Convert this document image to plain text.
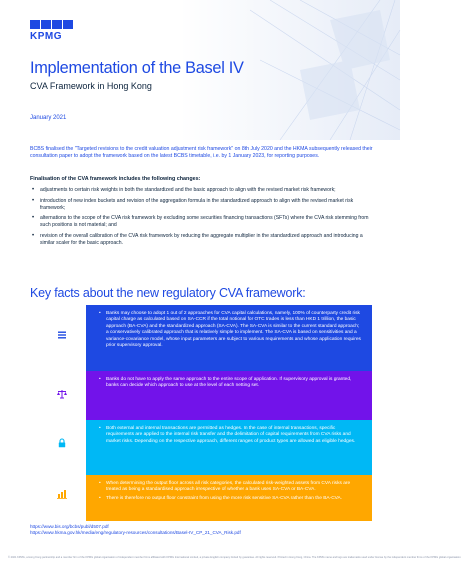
KPMG
Implementation of the Basel IV
CVA Framework in Hong Kong
January 2021

BCBS finalised the "Targeted revisions to the credit valuation adjustment risk framework" on 8th July 2020 and the HKMA subsequently released their consultation paper to adopt the framework based on the latest BCBS timetable, i.e. by 1 January 2023, for reporting purposes.

Finalisation of the CVA framework includes the following changes:
• adjustments to certain risk weights in both the standardized and the basic approach to align with the revised market risk framework;
• introduction of new index buckets and revision of the aggregation formula in the standardized approach to align with the revised market risk framework;
• alternations to the scope of the CVA risk framework by excluding some securities financing transactions (SFTs) where the CVA risk stemming from such positions is not material; and
• revision of the overall calibration of the CVA risk framework by reducing the aggregate multiplier in the standardized approach and introducing a similar scaler for the basic approach.
Key facts about the new regulatory CVA framework:
Options for Calculation
• Banks may choose to adopt 1 out of 2 approaches for CVA capital calculations, namely, 100% of counterparty credit risk capital charge as calculated based on SA-CCR if the total notional for OTC trades is less than HKD 1 trillion, the basic approach (BA-CVA) and the standardized approach (SA-CVA). The SA-CVA is similar to the current standard approach; a conservatively calibrated approach that is relatively simple to implement. The SA-CVA is based on sensitivities and a variance-covariance model, whose input parameters are subject to various requirements and whose application requires prior supervisory approval.
Scope of Application
• Banks do not have to apply the same approach to the entire scope of application. If supervisory approval is granted, banks can decide which approach to use at the level of each netting set.
CVA Hedges
• Both external and internal transactions are permitted as hedges. In the case of internal transactions, specific requirements are applied to the internal risk transfer and the delimitation of capital requirements from CVA risks and market risks. Depending on the respective approach, different ranges of product types are allowed as eligible hedges.
Output Floor
• When determining the output floor across all risk categories, the calculated risk-weighted assets from CVA risks are treated as being a standardised approach irrespective of whether a bank uses SA-CVA or BA-CVA.
• There is therefore no output floor constraint from using the more risk sensitive SA-CVA rather than the BA-CVA.
https://www.bis.org/bcbs/publ/d507.pdf
https://www.hkma.gov.hk/media/eng/regulatory-resources/consultations/Basel-IV_CP_21_CVA_Risk.pdf
© 2021 KPMG, a Hong Kong partnership and a member firm of the KPMG global organisation of independent member firms affiliated with KPMG International Limited, a private English company limited by guarantee. All rights reserved. Printed in Hong Kong, China. The KPMG name and logo are trademarks used under license by the independent member firms of the KPMG global organisation.
